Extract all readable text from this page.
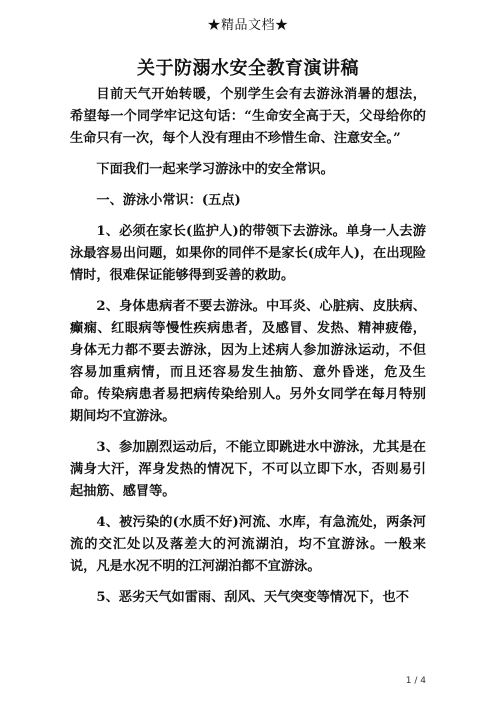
★精品文档★
关于防溺水安全教育演讲稿

目前天气开始转暖，个别学生会有去游泳消暑的想法，希望每一个同学牢记这句话：“生命安全高于天，父母给你的生命只有一次，每个人没有理由不珍惜生命、注意安全。”

下面我们一起来学习游泳中的安全常识。

一、游泳小常识：(五点)

1、必须在家长(监护人)的带领下去游泳。单身一人去游泳最容易出问题，如果你的同伴不是家长(成年人)，在出现险情时，很难保证能够得到妥善的救助。

2、身体患病者不要去游泳。中耳炎、心脏病、皮肤病、癫痫、红眼病等慢性疾病患者，及感冒、发热、精神疲倦，身体无力都不要去游泳，因为上述病人参加游泳运动，不但容易加重病情，而且还容易发生抽筋、意外昏迷，危及生命。传染病患者易把病传染给别人。另外女同学在每月特别期间均不宜游泳。

3、参加剧烈运动后，不能立即跳进水中游泳，尤其是在满身大汗，浑身发热的情况下，不可以立即下水，否则易引起抽筋、感冒等。

4、被污染的(水质不好)河流、水库，有急流处，两条河流的交汇处以及落差大的河流湖泊，均不宜游泳。一般来说，凡是水况不明的江河湖泊都不宜游泳。

5、恶劣天气如雷雨、刮风、天气突变等情况下，也不

1 / 4
